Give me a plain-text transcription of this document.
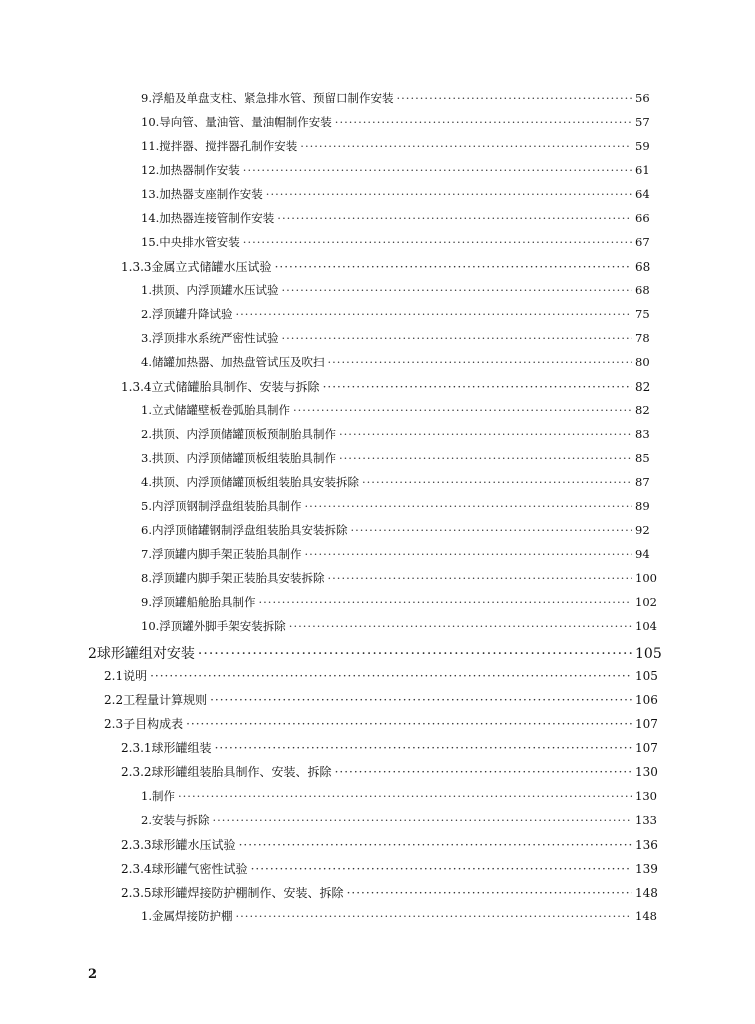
9. 浮船及单盘支柱、紧急排水管、预留口制作安装 ·····	56
10. 导向管、量油管、量油帽制作安装 ·····	57
11. 搅拌器、搅拌器孔制作安装 ·····	59
12. 加热器制作安装 ·····	61
13. 加热器支座制作安装 ·····	64
14. 加热器连接管制作安装 ·····	66
15. 中央排水管安装 ·····	67
1.3.3 金属立式储罐水压试验 ·····	68
1. 拱顶、内浮顶罐水压试验 ·····	68
2. 浮顶罐升降试验 ·····	75
3. 浮顶排水系统严密性试验 ·····	78
4. 储罐加热器、加热盘管试压及吹扫 ·····	80
1.3.4 立式储罐胎具制作、安装与拆除 ·····	82
1. 立式储罐壁板卷弧胎具制作 ·····	82
2. 拱顶、内浮顶储罐顶板预制胎具制作 ·····	83
3. 拱顶、内浮顶储罐顶板组装胎具制作 ·····	85
4. 拱顶、内浮顶储罐顶板组装胎具安装拆除 ·····	87
5. 内浮顶钢制浮盘组装胎具制作 ·····	89
6. 内浮顶储罐钢制浮盘组装胎具安装拆除 ·····	92
7. 浮顶罐内脚手架正装胎具制作 ·····	94
8. 浮顶罐内脚手架正装胎具安装拆除 ·····	100
9. 浮顶罐船舱胎具制作 ·····	102
10. 浮顶罐外脚手架安装拆除 ·····	104
2 球形罐组对安装 ·····	105
2.1 说明 ·····	105
2.2 工程量计算规则 ·····	106
2.3 子目构成表 ·····	107
2.3.1 球形罐组装 ·····	107
2.3.2 球形罐组装胎具制作、安装、拆除 ·····	130
1. 制作 ·····	130
2. 安装与拆除 ·····	133
2.3.3 球形罐水压试验 ·····	136
2.3.4 球形罐气密性试验 ·····	139
2.3.5 球形罐焊接防护棚制作、安装、拆除 ·····	148
1. 金属焊接防护棚 ·····	148
2
